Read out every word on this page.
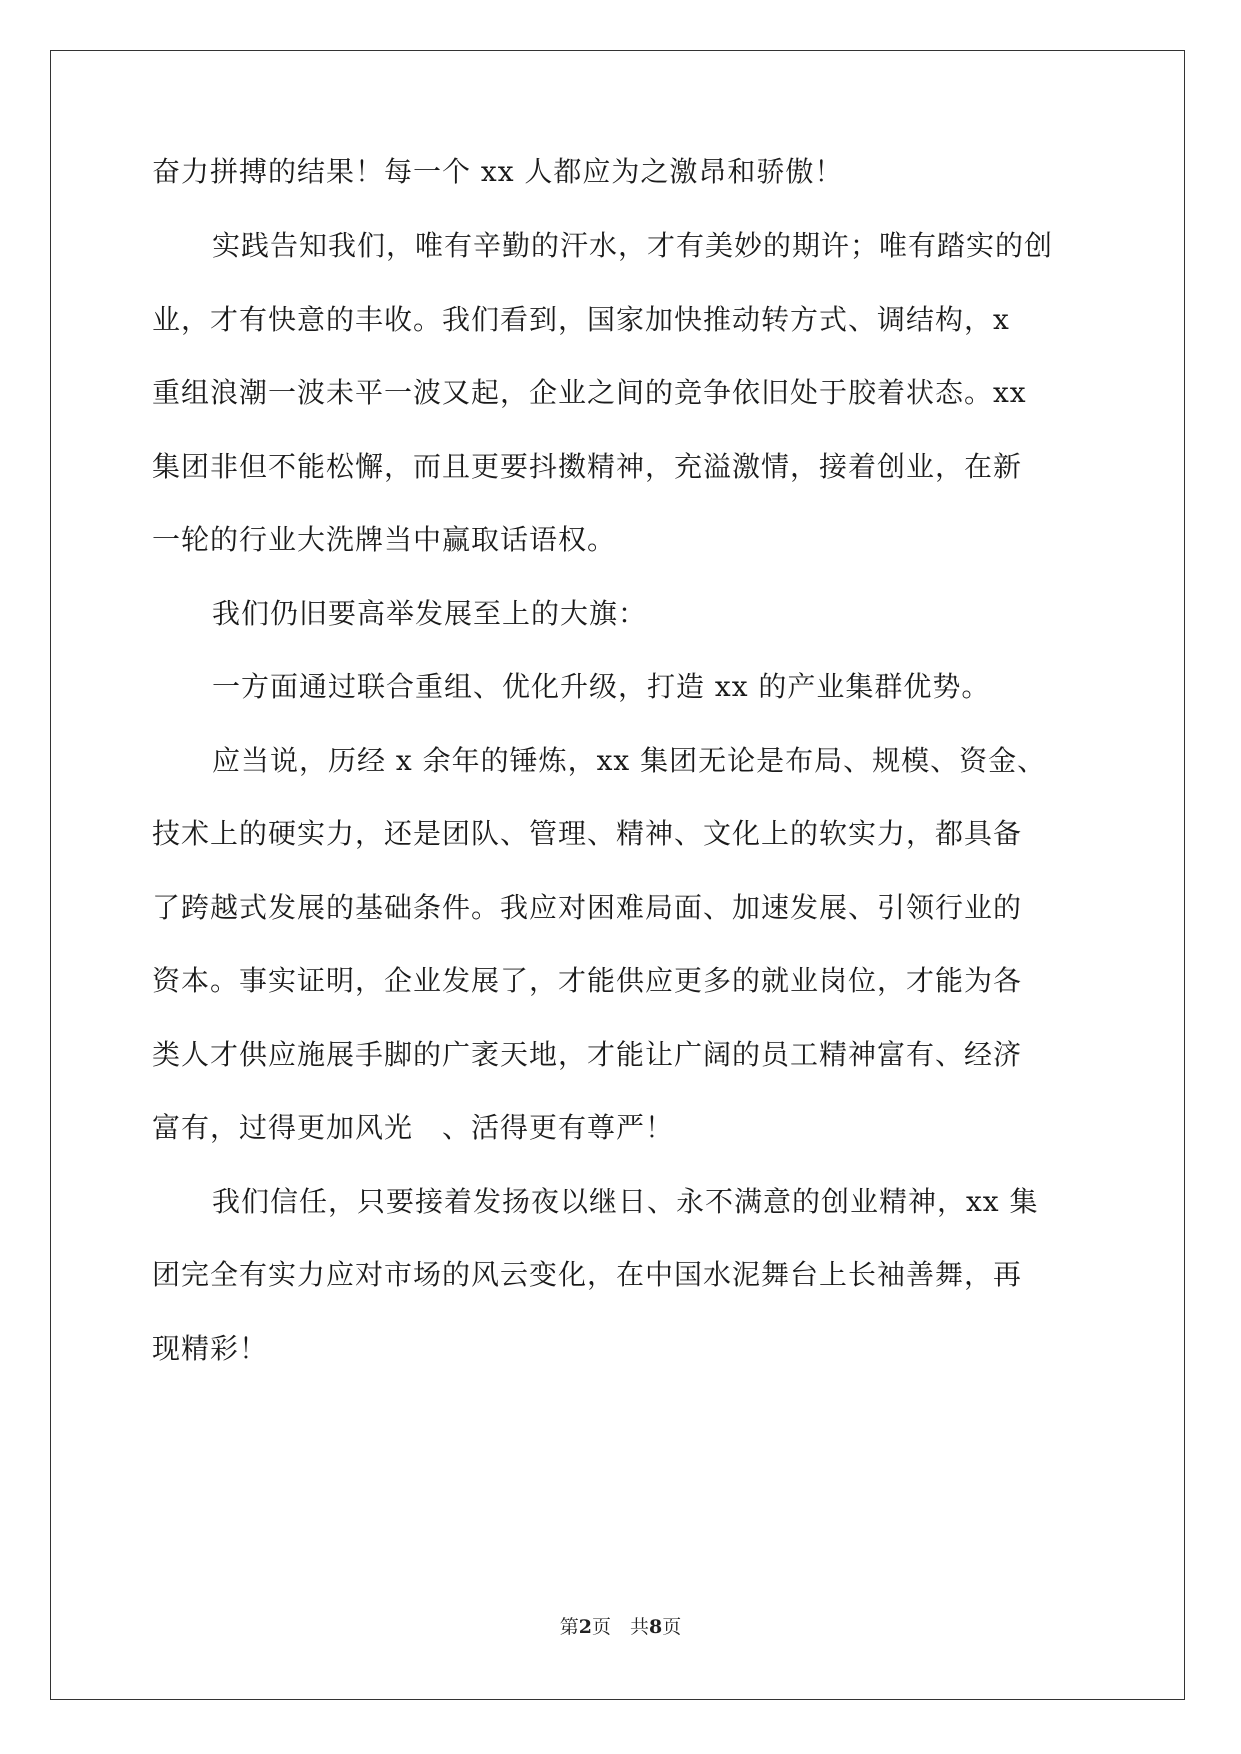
奋力拼搏的结果！每一个 xx 人都应为之激昂和骄傲！
实践告知我们，唯有辛勤的汗水，才有美妙的期许；唯有踏实的创
业，才有快意的丰收。我们看到，国家加快推动转方式、调结构，x
重组浪潮一波未平一波又起，企业之间的竞争依旧处于胶着状态。xx
集团非但不能松懈，而且更要抖擞精神，充溢激情，接着创业，在新
一轮的行业大洗牌当中赢取话语权。
我们仍旧要高举发展至上的大旗：
一方面通过联合重组、优化升级，打造 xx 的产业集群优势。
应当说，历经 x 余年的锤炼，xx 集团无论是布局、规模、资金、
技术上的硬实力，还是团队、管理、精神、文化上的软实力，都具备
了跨越式发展的基础条件。我应对困难局面、加速发展、引领行业的
资本。事实证明，企业发展了，才能供应更多的就业岗位，才能为各
类人才供应施展手脚的广袤天地，才能让广阔的员工精神富有、经济
富有，过得更加风光　、活得更有尊严！
我们信任，只要接着发扬夜以继日、永不满意的创业精神，xx 集
团完全有实力应对市场的风云变化，在中国水泥舞台上长袖善舞，再
现精彩！
第2页　共8页
